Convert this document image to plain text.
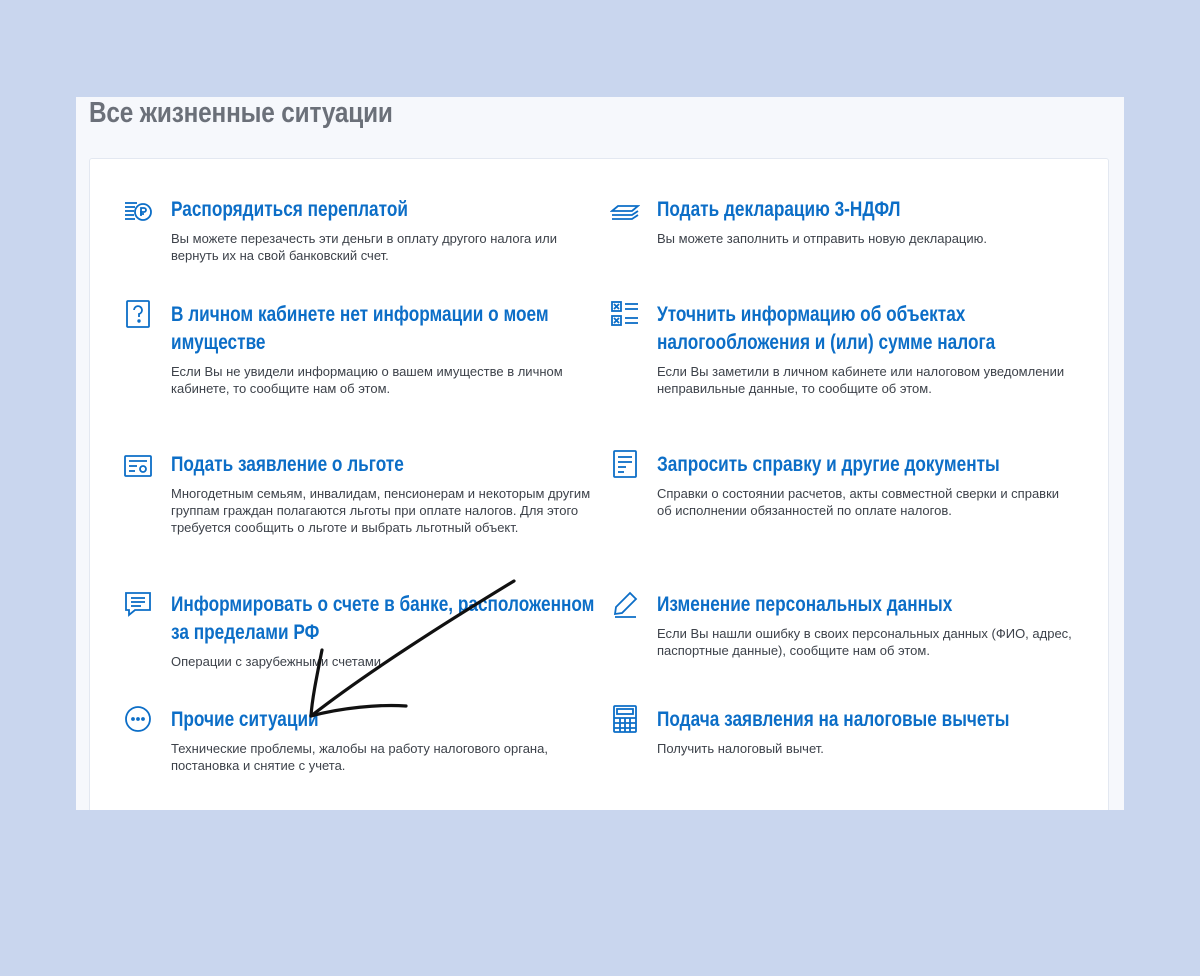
Все жизненные ситуации
Распорядиться переплатой

Вы можете перезачесть эти деньги в оплату другого налога или вернуть их на свой банковский счет.

В личном кабинете нет информации о моем имуществе

Если Вы не увидели информацию о вашем имуществе в личном кабинете, то сообщите нам об этом.

Подать заявление о льготе

Многодетным семьям, инвалидам, пенсионерам и некоторым другим группам граждан полагаются льготы при оплате налогов. Для этого требуется сообщить о льготе и выбрать льготный объект.

Информировать о счете в банке, расположенном за пределами РФ

Операции с зарубежными счетами.

Прочие ситуации

Технические проблемы, жалобы на работу налогового органа, постановка и снятие с учета.

Подать декларацию 3-НДФЛ

Вы можете заполнить и отправить новую декларацию.

Уточнить информацию об объектах налогообложения и (или) сумме налога

Если Вы заметили в личном кабинете или налоговом уведомлении неправильные данные, то сообщите об этом.

Запросить справку и другие документы

Справки о состоянии расчетов, акты совместной сверки и справки об исполнении обязанностей по оплате налогов.

Изменение персональных данных

Если Вы нашли ошибку в своих персональных данных (ФИО, адрес, паспортные данные), сообщите нам об этом.

Подача заявления на налоговые вычеты

Получить налоговый вычет.
